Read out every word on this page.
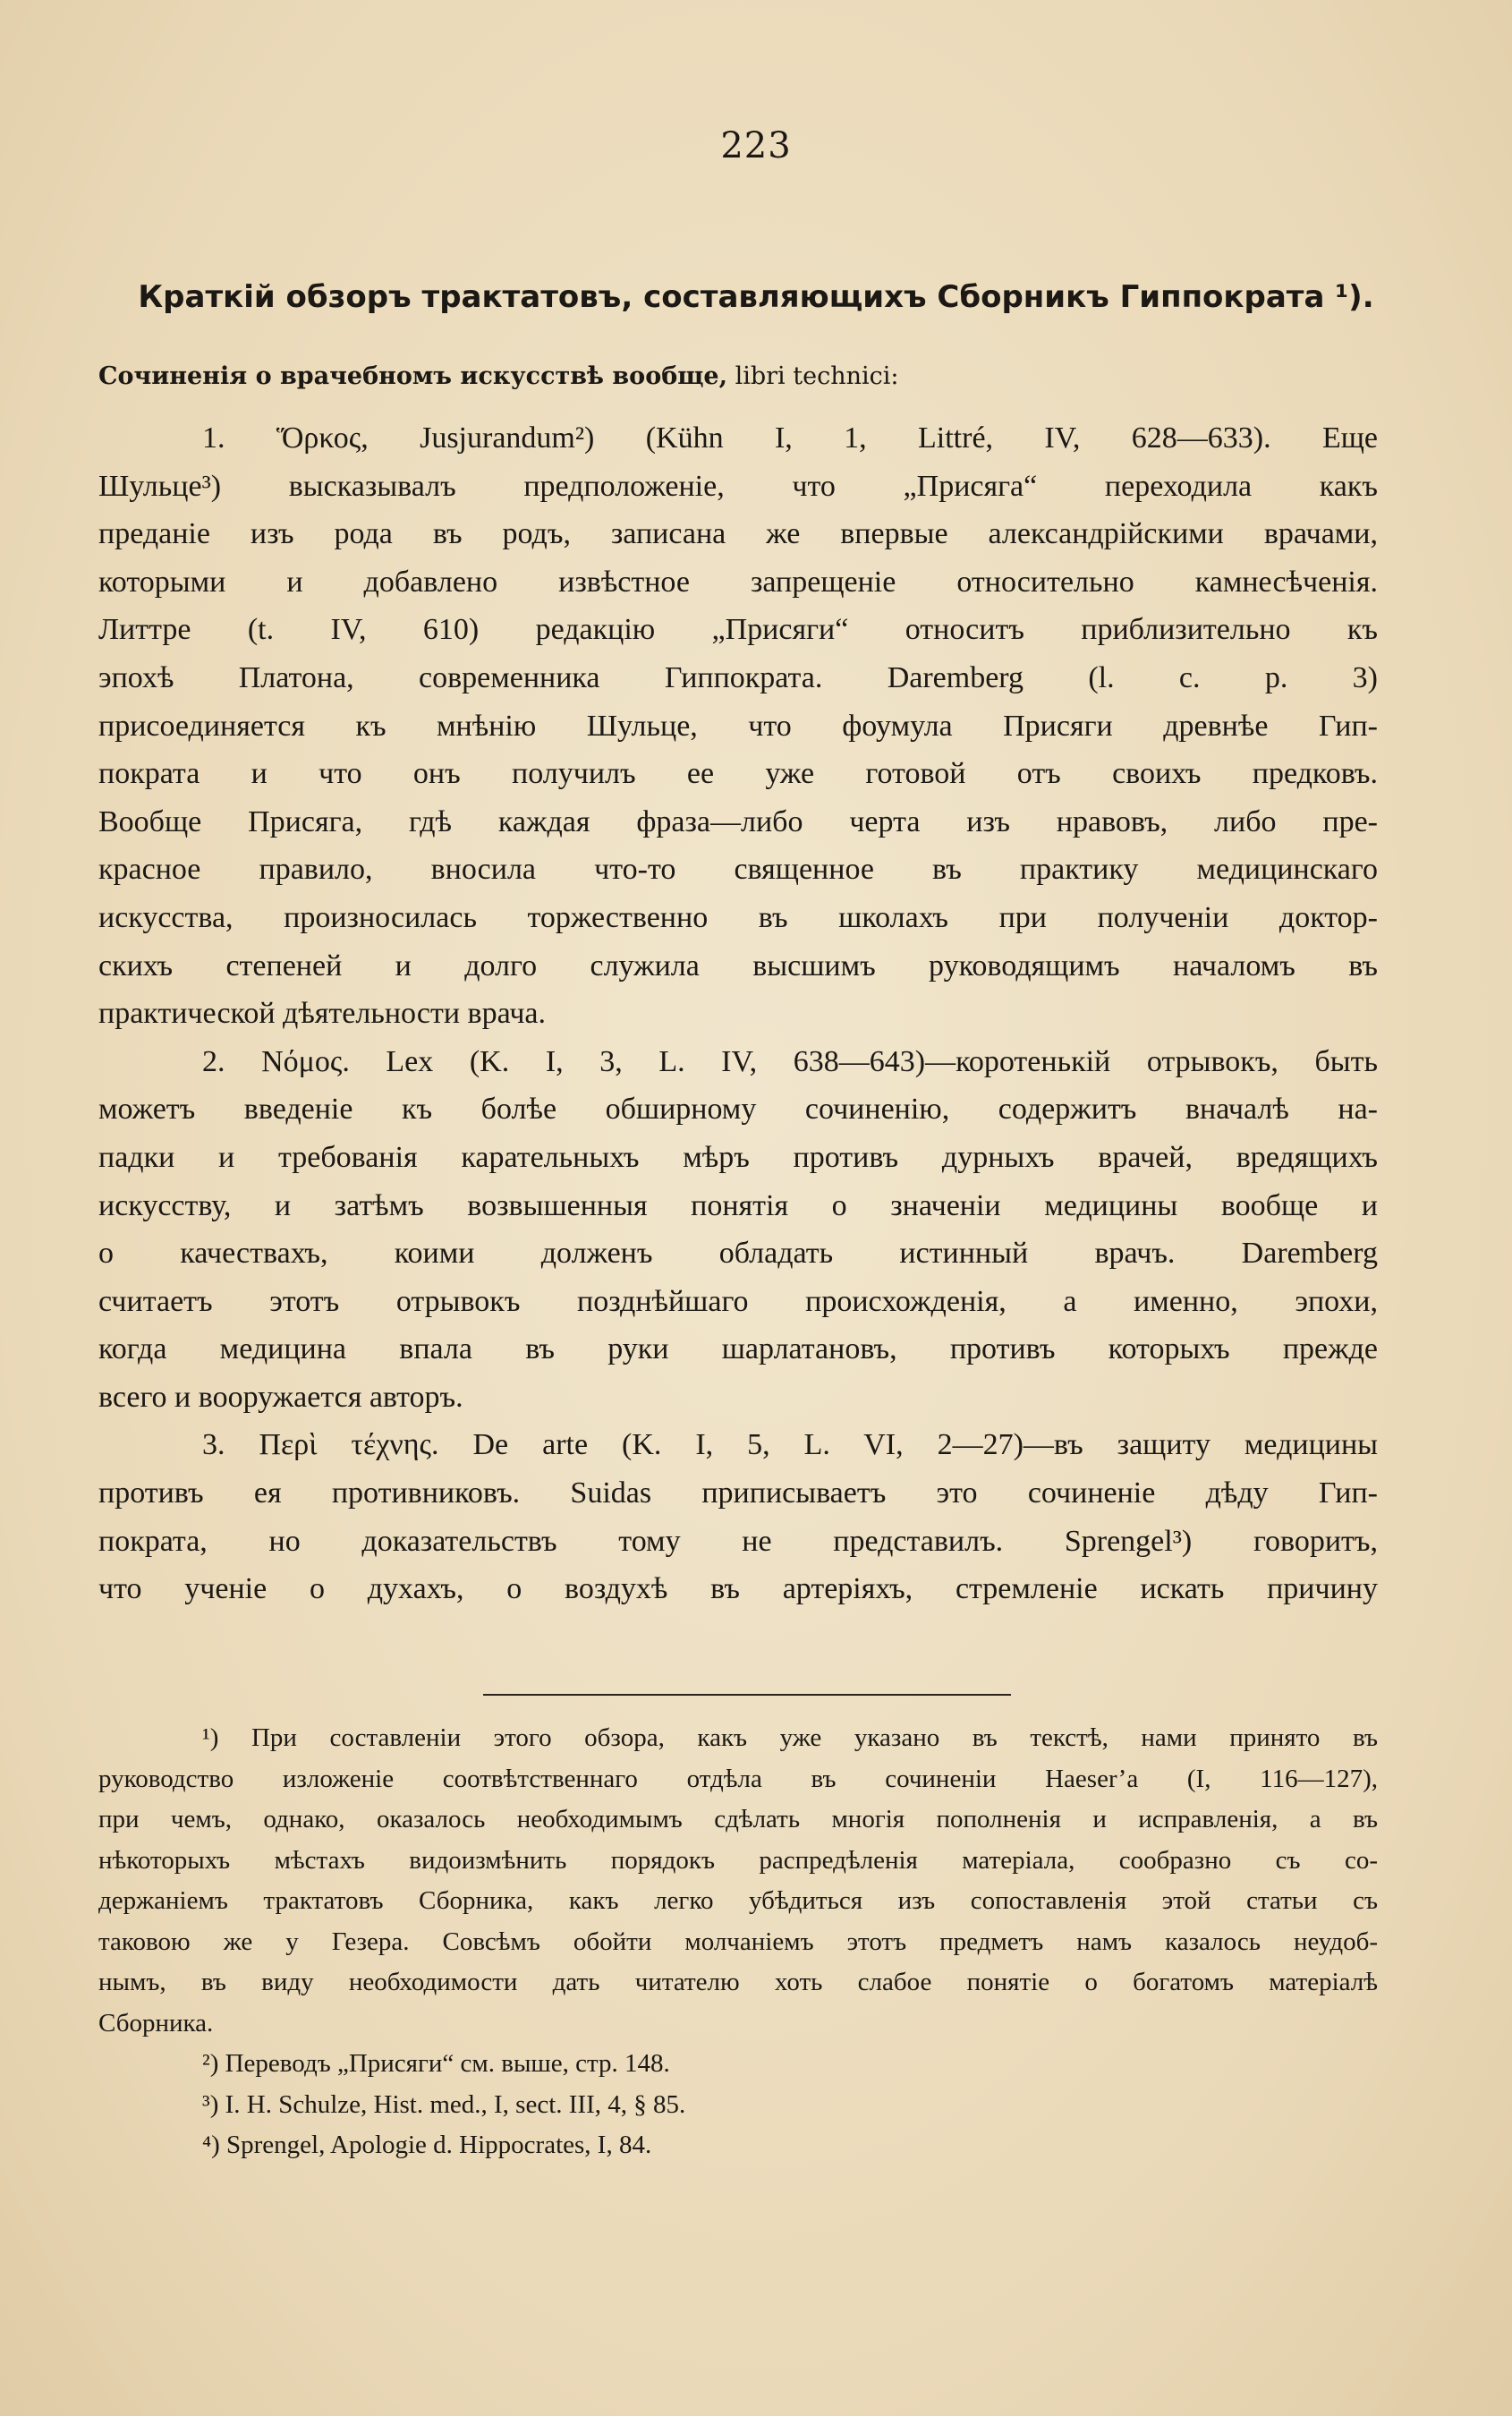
223
Краткій обзоръ трактатовъ, составляющихъ Сборникъ Гиппократа ¹).
Сочиненія о врачебномъ искусствѣ вообще, libri technici:
1. Ὅρκος, Jusjurandum²) (Kühn I, 1, Littré, IV, 628—633). Еще
Шульце³) высказывалъ предположеніе, что „Присяга“ переходила какъ
преданіе изъ рода въ родъ, записана же впервые александрійскими врачами,
которыми и добавлено извѣстное запрещеніе относительно камнесѣченія.
Литтре (t. IV, 610) редакцію „Присяги“ относитъ приблизительно къ
эпохѣ Платона, современника Гиппократа. Daremberg (l. c. p. 3)
присоединяется къ мнѣнію Шульце, что фоумула Присяги древнѣе Гип-
пократа и что онъ получилъ ее уже готовой отъ своихъ предковъ.
Вообще Присяга, гдѣ каждая фраза—либо черта изъ нравовъ, либо пре-
красное правило, вносила что-то священное въ практику медицинскаго
искусства, произносилась торжественно въ школахъ при полученіи доктор-
скихъ степеней и долго служила высшимъ руководящимъ началомъ въ
практической дѣятельности врача.
2. Νόμος. Lex (K. I, 3, L. IV, 638—643)—коротенькій отрывокъ, быть
можетъ введеніе къ болѣе обширному сочиненію, содержитъ вначалѣ на-
падки и требованія карательныхъ мѣръ противъ дурныхъ врачей, вредящихъ
искусству, и затѣмъ возвышенныя понятія о значеніи медицины вообще и
о качествахъ, коими долженъ обладать истинный врачъ. Daremberg
считаетъ этотъ отрывокъ позднѣйшаго происхожденія, а именно, эпохи,
когда медицина впала въ руки шарлатановъ, противъ которыхъ прежде
всего и вооружается авторъ.
3. Περὶ τέχνης. De arte (K. I, 5, L. VI, 2—27)—въ защиту медицины
противъ ея противниковъ. Suidas приписываетъ это сочиненіе дѣду Гип-
пократа, но доказательствъ тому не представилъ. Sprengel³) говоритъ,
что ученіе о духахъ, о воздухѣ въ артеріяхъ, стремленіе искать причину
¹) При составленіи этого обзора, какъ уже указано въ текстѣ, нами принято въ
руководство изложеніе соотвѣтственнаго отдѣла въ сочиненіи Haeser’a (I, 116—127),
при чемъ, однако, оказалось необходимымъ сдѣлать многія пополненія и исправленія, а въ
нѣкоторыхъ мѣстахъ видоизмѣнить порядокъ распредѣленія матеріала, сообразно съ со-
держаніемъ трактатовъ Сборника, какъ легко убѣдиться изъ сопоставленія этой статьи съ
таковою же у Гезера. Совсѣмъ обойти молчаніемъ этотъ предметъ намъ казалось неудоб-
нымъ, въ виду необходимости дать читателю хоть слабое понятіе о богатомъ матеріалѣ
Сборника.
²) Переводъ „Присяги“ см. выше, стр. 148.
³) I. H. Schulze, Hist. med., I, sect. III, 4, § 85.
⁴) Sprengel, Apologie d. Hippocrates, I, 84.
